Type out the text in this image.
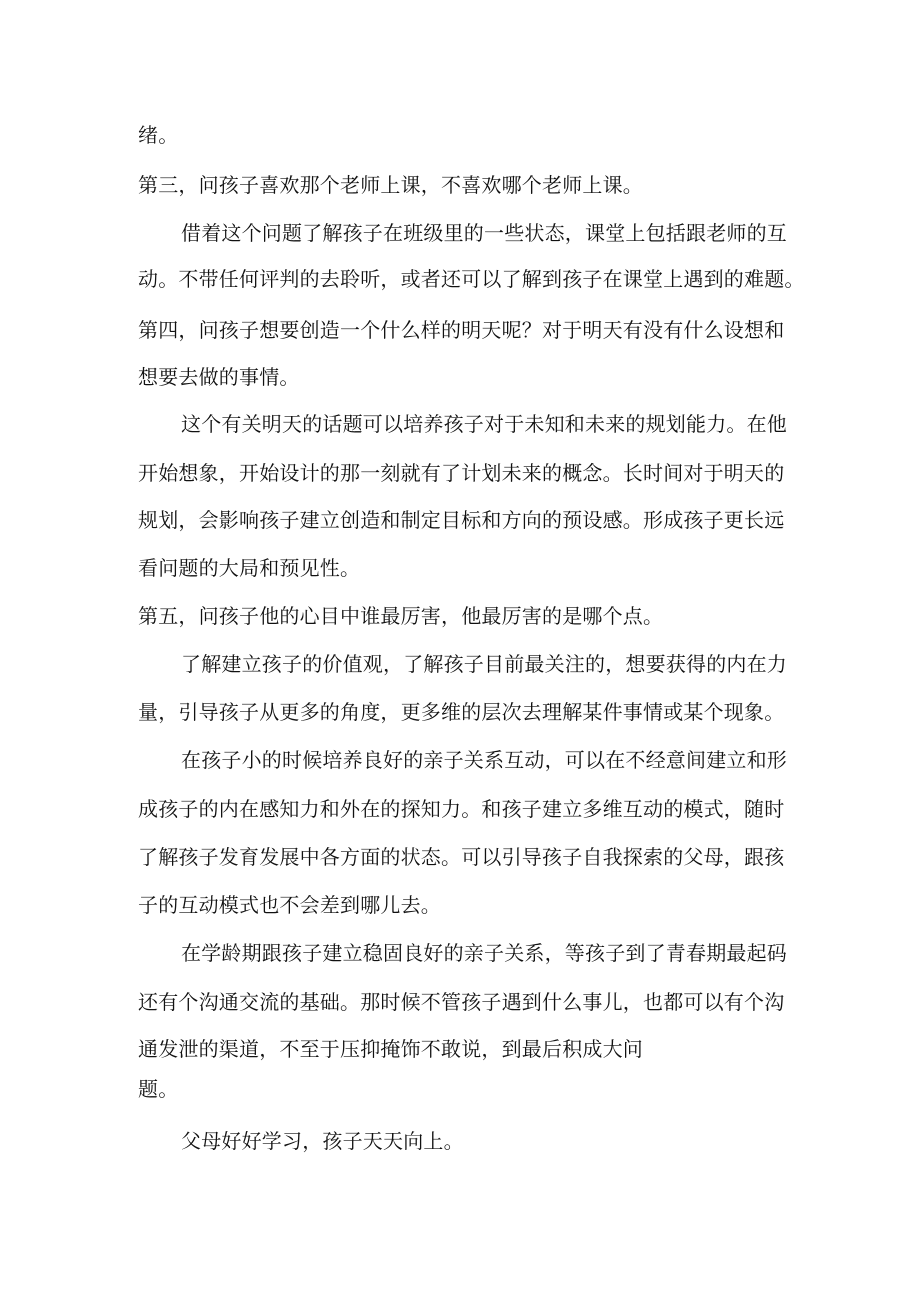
绪。
第三，问孩子喜欢那个老师上课，不喜欢哪个老师上课。
借着这个问题了解孩子在班级里的一些状态，课堂上包括跟老师的互
动。不带任何评判的去聆听，或者还可以了解到孩子在课堂上遇到的难题。
第四，问孩子想要创造一个什么样的明天呢？对于明天有没有什么设想和
想要去做的事情。
这个有关明天的话题可以培养孩子对于未知和未来的规划能力。在他
开始想象，开始设计的那一刻就有了计划未来的概念。长时间对于明天的
规划，会影响孩子建立创造和制定目标和方向的预设感。形成孩子更长远
看问题的大局和预见性。
第五，问孩子他的心目中谁最厉害，他最厉害的是哪个点。
了解建立孩子的价值观，了解孩子目前最关注的，想要获得的内在力
量，引导孩子从更多的角度，更多维的层次去理解某件事情或某个现象。
在孩子小的时候培养良好的亲子关系互动，可以在不经意间建立和形
成孩子的内在感知力和外在的探知力。和孩子建立多维互动的模式，随时
了解孩子发育发展中各方面的状态。可以引导孩子自我探索的父母，跟孩
子的互动模式也不会差到哪儿去。
在学龄期跟孩子建立稳固良好的亲子关系，等孩子到了青春期最起码
还有个沟通交流的基础。那时候不管孩子遇到什么事儿，也都可以有个沟
通发泄的渠道，不至于压抑掩饰不敢说，到最后积成大问
题。
父母好好学习，孩子天天向上。
